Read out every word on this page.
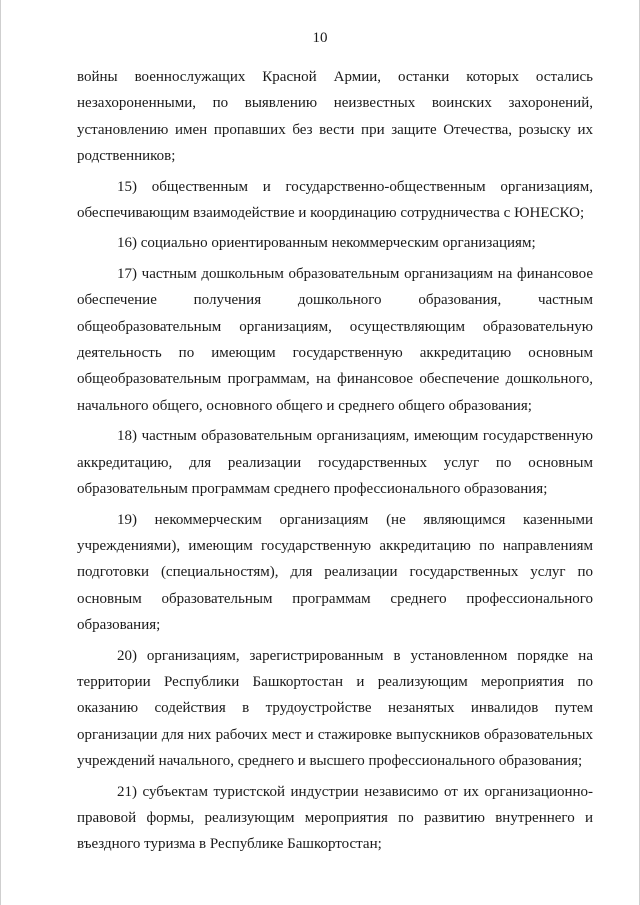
10

войны военнослужащих Красной Армии, останки которых остались незахороненными, по выявлению неизвестных воинских захоронений, установлению имен пропавших без вести при защите Отечества, розыску их родственников;

15) общественным и государственно-общественным организациям, обеспечивающим взаимодействие и координацию сотрудничества с ЮНЕСКО;

16) социально ориентированным некоммерческим организациям;

17) частным дошкольным образовательным организациям на финансовое обеспечение получения дошкольного образования, частным общеобразовательным организациям, осуществляющим образовательную деятельность по имеющим государственную аккредитацию основным общеобразовательным программам, на финансовое обеспечение дошкольного, начального общего, основного общего и среднего общего образования;

18) частным образовательным организациям, имеющим государственную аккредитацию, для реализации государственных услуг по основным образовательным программам среднего профессионального образования;

19) некоммерческим организациям (не являющимся казенными учреждениями), имеющим государственную аккредитацию по направлениям подготовки (специальностям), для реализации государственных услуг по основным образовательным программам среднего профессионального образования;

20) организациям, зарегистрированным в установленном порядке на территории Республики Башкортостан и реализующим мероприятия по оказанию содействия в трудоустройстве незанятых инвалидов путем организации для них рабочих мест и стажировке выпускников образовательных учреждений начального, среднего и высшего профессионального образования;

21) субъектам туристской индустрии независимо от их организационно-правовой формы, реализующим мероприятия по развитию внутреннего и въездного туризма в Республике Башкортостан;
